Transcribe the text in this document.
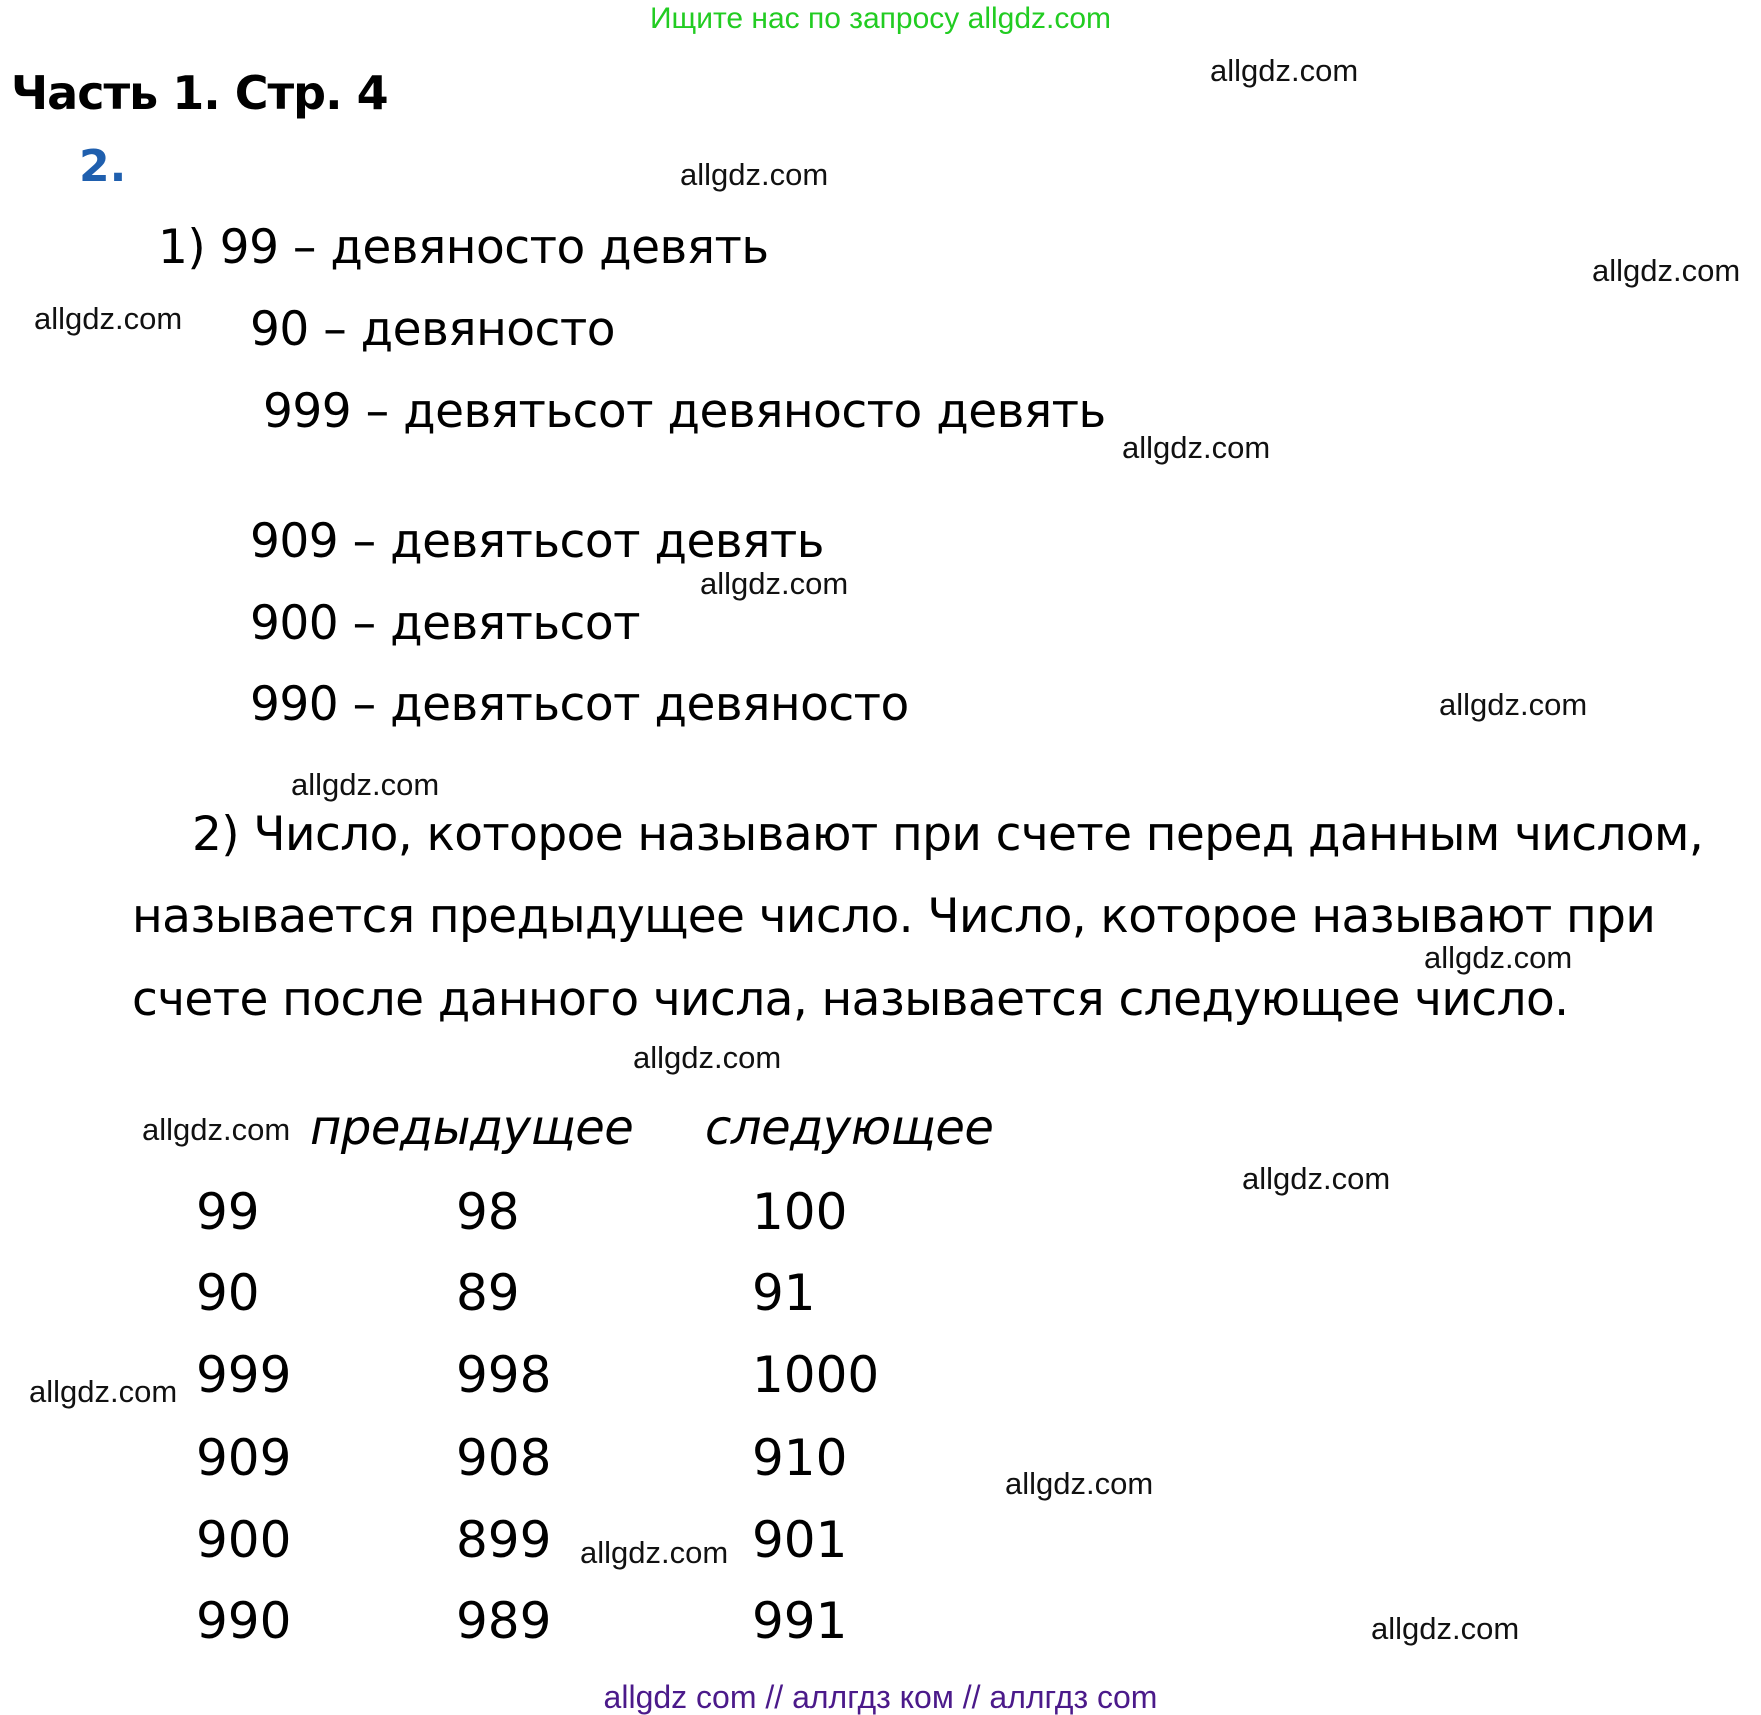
Ищите нас по запросу allgdz.com
Часть 1. Стр. 4
2.
1) 99 – девяносто девять
90 – девяносто
999 – девятьсот девяносто девять
909 – девятьсот девять
900 – девятьсот
990 – девятьсот девяносто
2) Число, которое называют при счете перед данным числом,
называется предыдущее число. Число, которое называют при
счете после данного числа, называется следующее число.
предыдущее следующее
99	98	100
90	89	91
999	998	1000
909	908	910
900	899	901
990	989	991
allgdz.com
allgdz.com
allgdz.com
allgdz.com
allgdz.com
allgdz.com
allgdz.com
allgdz.com
allgdz.com
allgdz.com
allgdz.com
allgdz.com
allgdz.com
allgdz.com
allgdz.com
allgdz.com
allgdz com // аллгдз ком // аллгдз com
